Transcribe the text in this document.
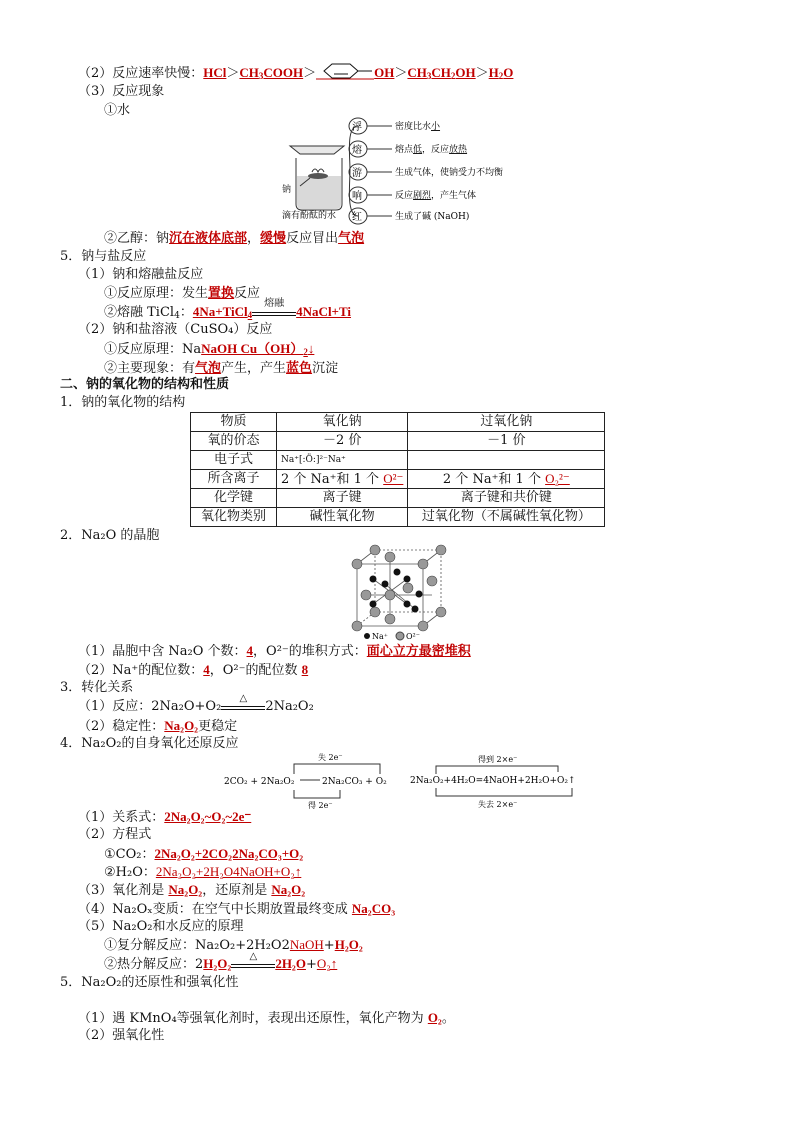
（2）反应速率快慢：$HCl>CH_3COOH>$	$OH>CH_3CH_2OH>H_2O$
（3）反应现象
①水
钠
滴有酚酞的水
浮
熔
游
响
红
密度比水小
熔点低，反应放热
生成气体，使钠受力不均衡
反应剧烈，产生气体
生成了碱 (NaOH)
②乙醇：钠沉在液体底部，缓慢反应冒出气泡
5．钠与盐反应
（1）钠和熔融盐反应
①反应原理：发生置换反应
②熔融 TiCl$_4$：4Na+TiCl$_4$
熔融
4NaCl+Ti
（2）钠和盐溶液（CuSO₄）反应
①反应原理：NaNaOH $Cu(OH)_2↓$
②主要现象：有气泡产生，产生蓝色沉淀
二、钠的氧化物的结构和性质
1．钠的氧化物的结构
物质	氧化钠	过氧化钠
氧的价态	－2 价	－1 价
电子式	Na⁺[:Ö:]²⁻Na⁺	
所含离子	2 个 Na⁺和 1 个 O²⁻	2 个 Na⁺和 1 个 O₂²⁻
化学键	离子键	离子键和共价键
氧化物类别	碱性氧化物	过氧化物（不属碱性氧化物）
2．Na₂O 的晶胞
Na⁺ O²⁻
（1）晶胞中含 Na₂O 个数：4，O²⁻的堆积方式：面心立方最密堆积
（2）Na⁺的配位数：4，O²⁻的配位数 8
3．转化关系
（1）反应：2Na₂O+O₂
△
2Na₂O₂
（2）稳定性：Na₂O₂更稳定
4．Na₂O₂的自身氧化还原反应
失 2e⁻
2CO₂ + 2Na₂O₂	2Na₂CO₃ + O₂
得 2e⁻
得到 2×e⁻
2Na₂O₂+4H₂O=4NaOH+2H₂O+O₂↑
失去 2×e⁻
（1）关系式：2Na₂O₂~O₂~2e⁻
（2）方程式
①CO₂：2Na₂O₂+2CO₂2Na₂CO₃+O₂
②H₂O：2Na₂O₂+2H₂O4NaOH+O₂↑
（3）氧化剂是 Na₂O₂，还原剂是 Na₂O₂
（4）Na₂Oₓ变质：在空气中长期放置最终变成 Na₂CO₃
（5）Na₂O₂和水反应的原理
①复分解反应：Na₂O₂+2H₂O2NaOH+H₂O₂
②热分解反应：2H₂O₂	△	2H₂O+O₂↑
5．Na₂O₂的还原性和强氧化性
（1）遇 KMnO₄等强氧化剂时，表现出还原性，氧化产物为 O₂。
（2）强氧化性
